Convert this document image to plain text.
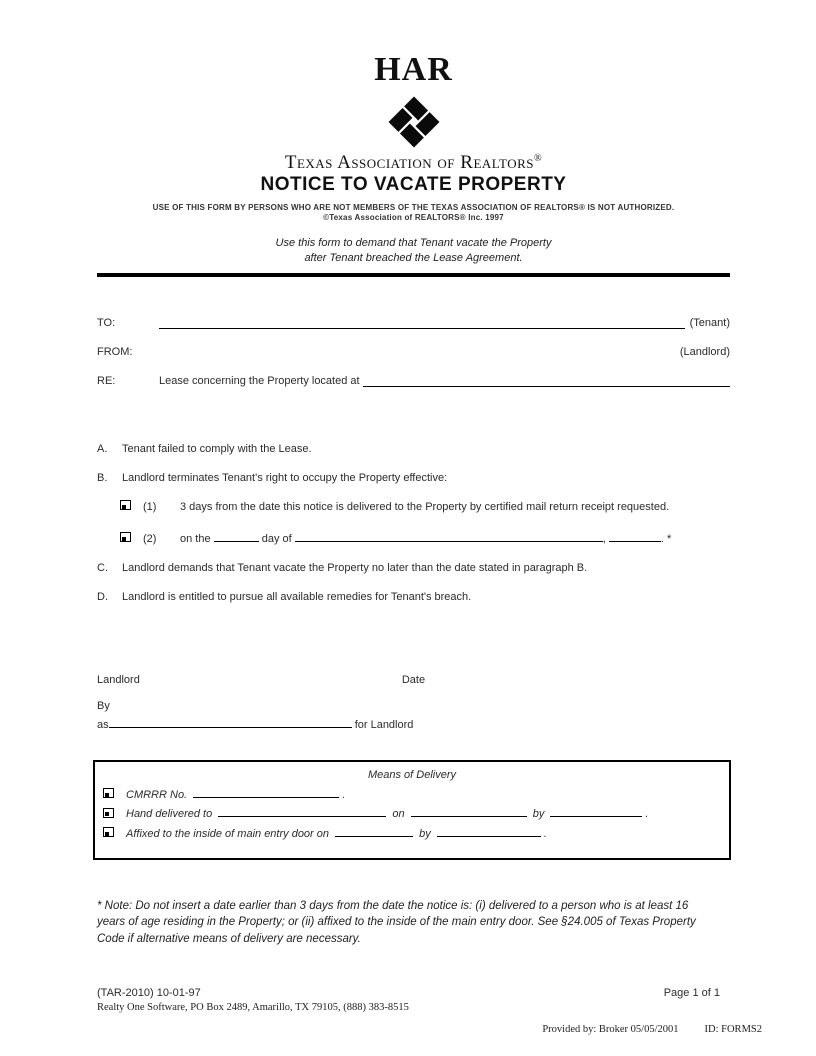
HAR
Texas Association of Realtors®
NOTICE TO VACATE PROPERTY
USE OF THIS FORM BY PERSONS WHO ARE NOT MEMBERS OF THE TEXAS ASSOCIATION OF REALTORS® IS NOT AUTHORIZED.
©Texas Association of REALTORS® Inc. 1997
Use this form to demand that Tenant vacate the Property
after Tenant breached the Lease Agreement.
TO:	(Tenant)
FROM:	(Landlord)
RE:	Lease concerning the Property located at
A.	Tenant failed to comply with the Lease.
B.	Landlord terminates Tenant's right to occupy the Property effective:
(1)	3 days from the date this notice is delivered to the Property by certified mail return receipt requested.
(2)	on the	day of	,	. *
C.	Landlord demands that Tenant vacate the Property no later than the date stated in paragraph B.
D.	Landlord is entitled to pursue all available remedies for Tenant's breach.
Landlord	Date
By
as	for Landlord
Means of Delivery
CMRRR No.	.
Hand delivered to	on	by	.
Affixed to the inside of main entry door on	by	.
* Note: Do not insert a date earlier than 3 days from the date the notice is: (i) delivered to a person who is at least 16 years of age residing in the Property; or (ii) affixed to the inside of the main entry door. See §24.005 of Texas Property Code if alternative means of delivery are necessary.
(TAR-2010) 10-01-97	Page 1 of 1
Realty One Software, PO Box 2489, Amarillo, TX 79105, (888) 383-8515
Provided by: Broker 05/05/2001 ID: FORMS2
